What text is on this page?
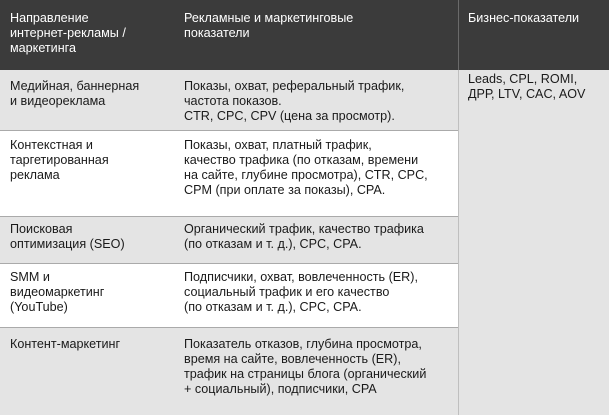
Направление
интернет-рекламы /
маркетинга
Рекламные и маркетинговые
показатели
Бизнес-показатели
Медийная, баннерная
и видеореклама
Показы, охват, реферальный трафик,
частота показов.
CTR, CPC, CPV (цена за просмотр).
Контекстная и
таргетированная
реклама
Показы, охват, платный трафик,
качество трафика (по отказам, времени
на сайте, глубине просмотра), CTR, CPC,
CPM (при оплате за показы), CPA.
Поисковая
оптимизация (SEO)
Органический трафик, качество трафика
(по отказам и т. д.), CPC, CPA.
SMM и
видеомаркетинг
(YouTube)
Подписчики, охват, вовлеченность (ER),
социальный трафик и его качество
(по отказам и т. д.), CPC, CPA.
Контент-маркетинг	Показатель отказов, глубина просмотра,
время на сайте, вовлеченность (ER),
трафик на страницы блога (органический
+ социальный), подписчики, CPA
Leads, CPL, ROMI,
ДРР, LTV, CAC, AOV
